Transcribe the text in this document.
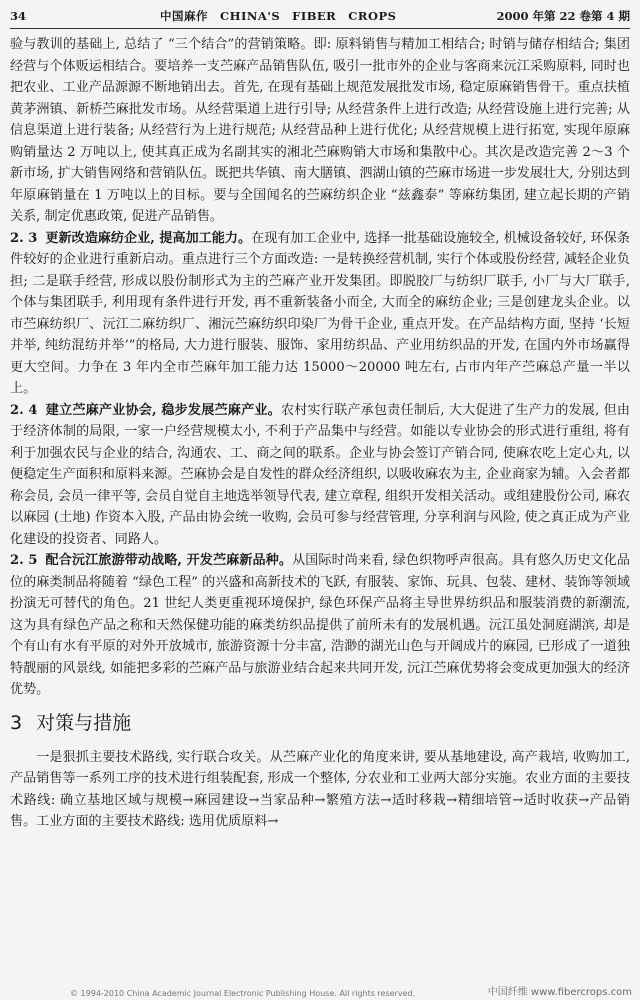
34	中国麻作　CHINA'S　FIBER　CROPS	2000 年第 22 卷第 4 期

验与教训的基础上, 总结了 “三个结合”的营销策略。即: 原料销售与精加工相结合; 时销与储存相结合; 集团经营与个体贩运相结合。要培养一支苎麻产品销售队伍, 吸引一批市外的企业与客商来沅江采购原料, 同时也把农业、工业产品源源不断地销出去。首先, 在现有基础上规范发展批发市场, 稳定原麻销售骨干。重点扶植黄茅洲镇、新桥苎麻批发市场。从经营渠道上进行引导; 从经营条件上进行改造; 从经营设施上进行完善; 从信息渠道上进行装备; 从经营行为上进行规范; 从经营品种上进行优化; 从经营规模上进行拓宽, 实现年原麻购销量达 2 万吨以上, 使其真正成为名副其实的湘北苎麻购销大市场和集散中心。其次是改造完善 2～3 个新市场, 扩大销售网络和营销队伍。既把共华镇、南大膳镇、泗湖山镇的苎麻市场进一步发展壮大, 分别达到年原麻销量在 1 万吨以上的目标。要与全国闻名的苎麻纺织企业 “兹鑫泰” 等麻纺集团, 建立起长期的产销关系, 制定优惠政策, 促进产品销售。

2. 3 更新改造麻纺企业, 提高加工能力。在现有加工企业中, 选择一批基础设施较全, 机械设备较好, 环保条件较好的企业进行重新启动。重点进行三个方面改造: 一是转换经营机制, 实行个体或股份经营, 减轻企业负担; 二是联手经营, 形成以股份制形式为主的苎麻产业开发集团。即脱胶厂与纺织厂联手, 小厂与大厂联手, 个体与集团联手, 利用现有条件进行开发, 再不重新装备小而全, 大而全的麻纺企业; 三是创建龙头企业。以市苎麻纺织厂、沅江二麻纺织厂、湘沅苎麻纺织印染厂为骨干企业, 重点开发。在产品结构方面, 坚持 ‘长短并举, 纯纺混纺并举’”的格局, 大力进行服装、服饰、家用纺织品、产业用纺织品的开发, 在国内外市场赢得更大空间。力争在 3 年内全市苎麻年加工能力达 15000～20000 吨左右, 占市内年产苎麻总产量一半以上。

2. 4 建立苎麻产业协会, 稳步发展苎麻产业。农村实行联产承包责任制后, 大大促进了生产力的发展, 但由于经济体制的局限, 一家一户经营规模太小, 不利于产品集中与经营。如能以专业协会的形式进行重组, 将有利于加强农民与企业的结合, 沟通农、工、商之间的联系。企业与协会签订产销合同, 使麻农吃上定心丸, 以便稳定生产面积和原料来源。苎麻协会是自发性的群众经济组织, 以吸收麻农为主, 企业商家为辅。入会者都称会员, 会员一律平等, 会员自觉自主地选举领导代表, 建立章程, 组织开发相关活动。或组建股份公司, 麻农以麻园 (土地) 作资本入股, 产品由协会统一收购, 会员可参与经营管理, 分享利润与风险, 使之真正成为产业化建设的投资者、同路人。

2. 5 配合沅江旅游带动战略, 开发苎麻新品种。从国际时尚来看, 绿色织物呼声很高。具有悠久历史文化品位的麻类制品将随着 “绿色工程” 的兴盛和高新技术的飞跃, 有服装、家饰、玩具、包装、建材、装饰等领域扮演无可替代的角色。21 世纪人类更重视环境保护, 绿色环保产品将主导世界纺织品和服装消费的新潮流, 这为具有绿色产品之称和天然保健功能的麻类纺织品提供了前所未有的发展机遇。沅江虽处洞庭湖滨, 却是个有山有水有平原的对外开放城市, 旅游资源十分丰富, 浩渺的湖光山色与开阔成片的麻园, 已形成了一道独特靓丽的风景线, 如能把多彩的苎麻产品与旅游业结合起来共同开发, 沅江苎麻优势将会变成更加强大的经济优势。

3 对策与措施

一是狠抓主要技术路线, 实行联合攻关。从苎麻产业化的角度来讲, 要从基地建设, 高产栽培, 收购加工, 产品销售等一系列工序的技术进行组装配套, 形成一个整体, 分农业和工业两大部分实施。农业方面的主要技术路线: 确立基地区域与规模→麻园建设→当家品种→繁殖方法→适时移栽→精细培管→适时收获→产品销售。工业方面的主要技术路线: 选用优质原料→

© 1994-2010 China Academic Journal Electronic Publishing House. All rights reserved.	中国纤维 www.fibercrops.com
